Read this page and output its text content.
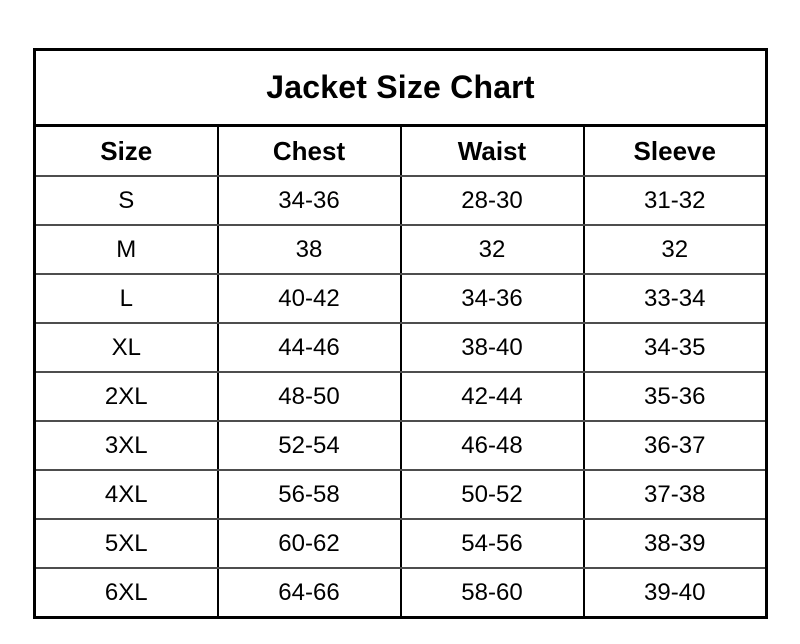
Jacket Size Chart			
Size	Chest	Waist	Sleeve
S	34-36	28-30	31-32
M	38	32	32
L	40-42	34-36	33-34
XL	44-46	38-40	34-35
2XL	48-50	42-44	35-36
3XL	52-54	46-48	36-37
4XL	56-58	50-52	37-38
5XL	60-62	54-56	38-39
6XL	64-66	58-60	39-40
